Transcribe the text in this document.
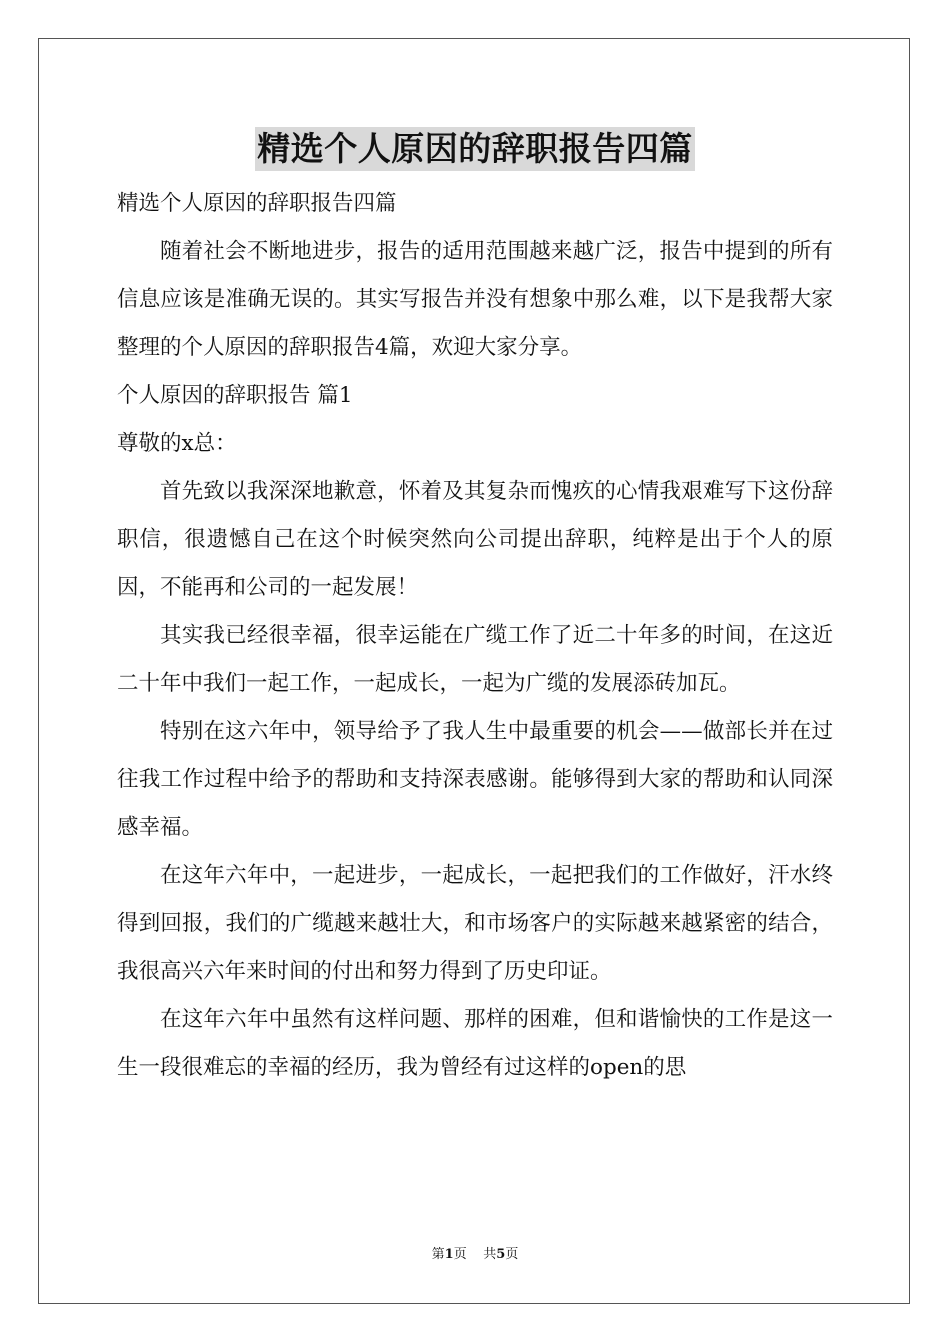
精选个人原因的辞职报告四篇

精选个人原因的辞职报告四篇

随着社会不断地进步，报告的适用范围越来越广泛，报告中提到的所有信息应该是准确无误的。其实写报告并没有想象中那么难，以下是我帮大家整理的个人原因的辞职报告4篇，欢迎大家分享。

个人原因的辞职报告 篇1

尊敬的x总：

首先致以我深深地歉意，怀着及其复杂而愧疚的心情我艰难写下这份辞职信，很遗憾自己在这个时候突然向公司提出辞职，纯粹是出于个人的原因，不能再和公司的一起发展！

其实我已经很幸福，很幸运能在广缆工作了近二十年多的时间，在这近二十年中我们一起工作，一起成长，一起为广缆的发展添砖加瓦。

特别在这六年中，领导给予了我人生中最重要的机会——做部长并在过往我工作过程中给予的帮助和支持深表感谢。能够得到大家的帮助和认同深感幸福。

在这年六年中，一起进步，一起成长，一起把我们的工作做好，汗水终得到回报，我们的广缆越来越壮大，和市场客户的实际越来越紧密的结合，我很高兴六年来时间的付出和努力得到了历史印证。

在这年六年中虽然有这样问题、那样的困难，但和谐愉快的工作是这一生一段很难忘的幸福的经历，我为曾经有过这样的open的思

第1页 共5页
